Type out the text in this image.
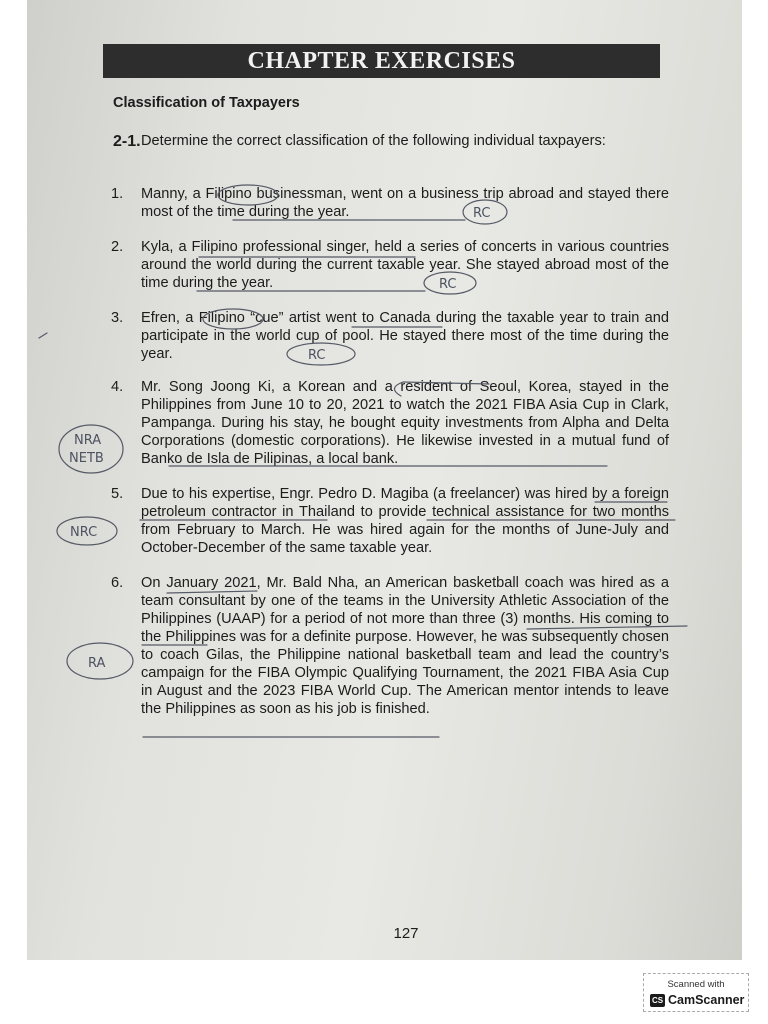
CHAPTER EXERCISES
Classification of Taxpayers
2-1. Determine the correct classification of the following individual taxpayers:
1.	Manny, a Filipino businessman, went on a business trip abroad and stayed there most of the time during the year.
2.	Kyla, a Filipino professional singer, held a series of concerts in various countries around the world during the current taxable year. She stayed abroad most of the time during the year.
3.	Efren, a Filipino “cue” artist went to Canada during the taxable year to train and participate in the world cup of pool. He stayed there most of the time during the year.
4.	Mr. Song Joong Ki, a Korean and a resident of Seoul, Korea, stayed in the Philippines from June 10 to 20, 2021 to watch the 2021 FIBA Asia Cup in Clark, Pampanga. During his stay, he bought equity investments from Alpha and Delta Corporations (domestic corporations). He likewise invested in a mutual fund of Banko de Isla de Pilipinas, a local bank.
5.	Due to his expertise, Engr. Pedro D. Magiba (a freelancer) was hired by a foreign petroleum contractor in Thailand to provide technical assistance for two months from February to March. He was hired again for the months of June-July and October-December of the same taxable year.
6.	On January 2021, Mr. Bald Nha, an American basketball coach was hired as a team consultant by one of the teams in the University Athletic Association of the Philippines (UAAP) for a period of not more than three (3) months. His coming to the Philippines was for a definite purpose. However, he was subsequently chosen to coach Gilas, the Philippine national basketball team and lead the country’s campaign for the FIBA Olympic Qualifying Tournament, the 2021 FIBA Asia Cup in August and the 2023 FIBA World Cup. The American mentor intends to leave the Philippines as soon as his job is finished.
127
RC
RC
RC
NRA
NETB
NRC
RA
Scanned with
CS CamScanner
